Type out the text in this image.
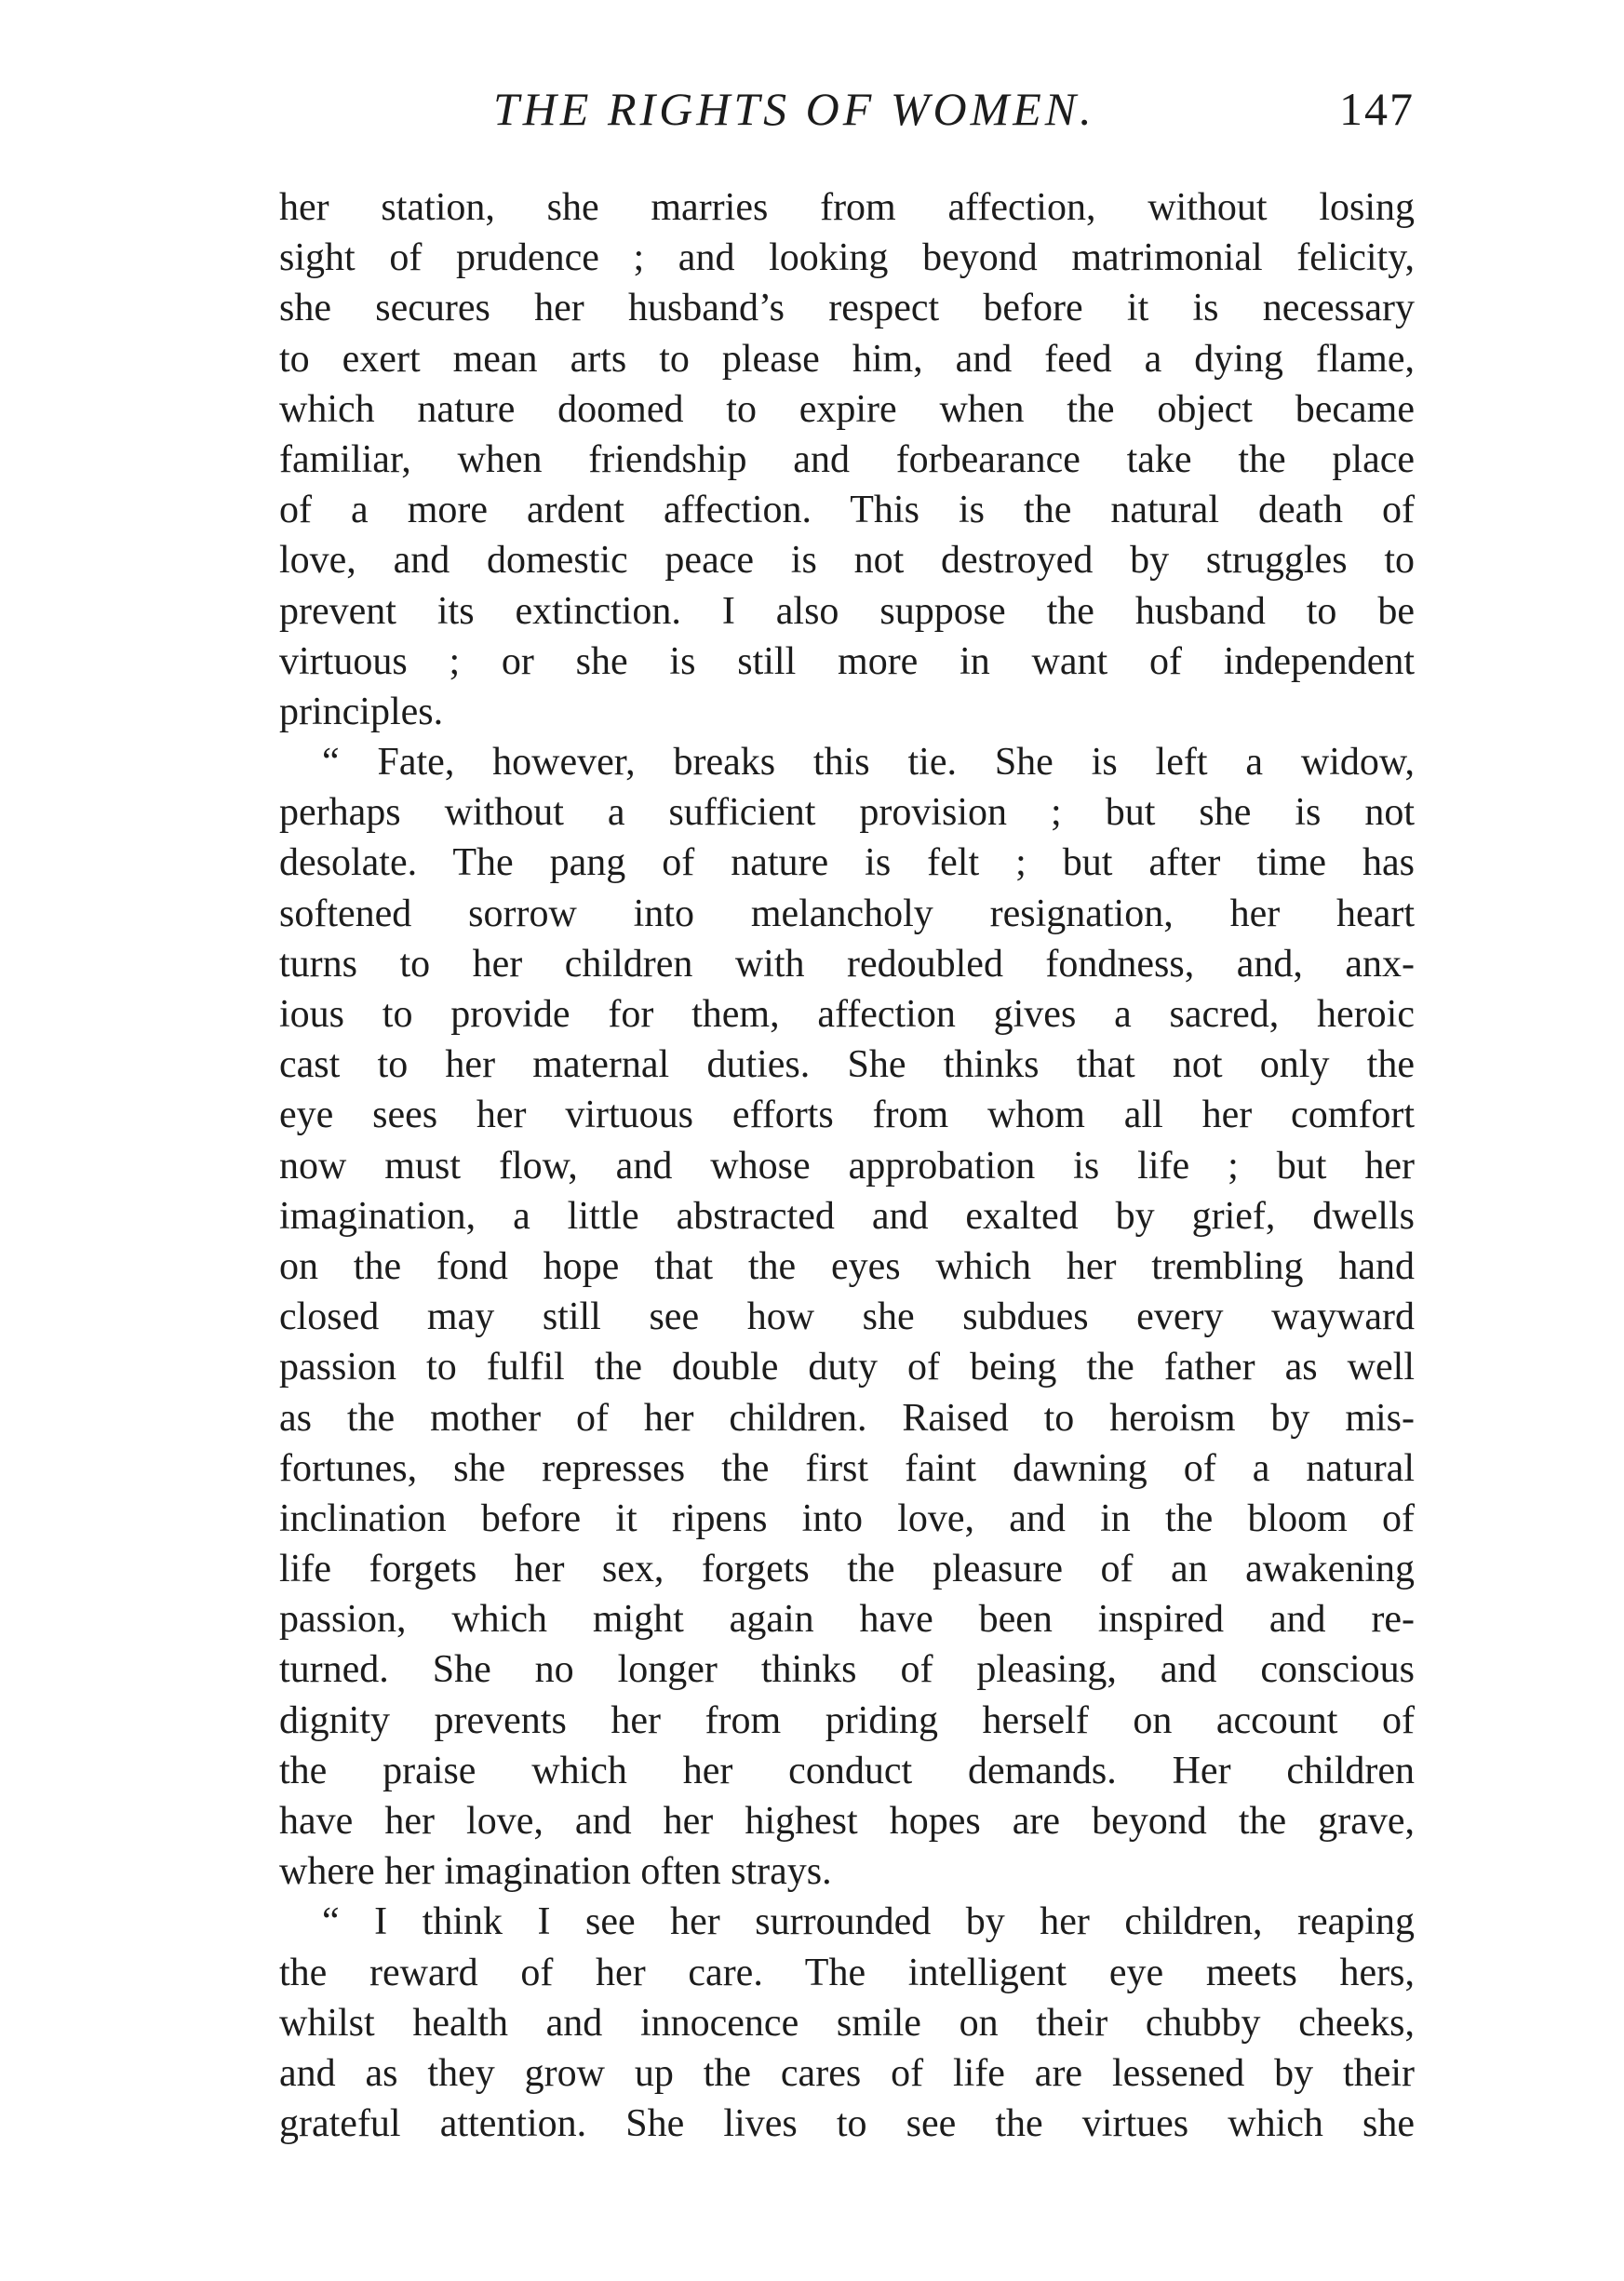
THE RIGHTS OF WOMEN.	147
her station, she marries from affection, without losing
sight of prudence ; and looking beyond matrimonial felicity,
she secures her husband’s respect before it is necessary
to exert mean arts to please him, and feed a dying flame,
which nature doomed to expire when the object became
familiar, when friendship and forbearance take the place
of a more ardent affection. This is the natural death of
love, and domestic peace is not destroyed by struggles to
prevent its extinction. I also suppose the husband to be
virtuous ; or she is still more in want of independent
principles.
“ Fate, however, breaks this tie. She is left a widow,
perhaps without a sufficient provision ; but she is not
desolate. The pang of nature is felt ; but after time has
softened sorrow into melancholy resignation, her heart
turns to her children with redoubled fondness, and, anx-
ious to provide for them, affection gives a sacred, heroic
cast to her maternal duties. She thinks that not only the
eye sees her virtuous efforts from whom all her comfort
now must flow, and whose approbation is life ; but her
imagination, a little abstracted and exalted by grief, dwells
on the fond hope that the eyes which her trembling hand
closed may still see how she subdues every wayward
passion to fulfil the double duty of being the father as well
as the mother of her children. Raised to heroism by mis-
fortunes, she represses the first faint dawning of a natural
inclination before it ripens into love, and in the bloom of
life forgets her sex, forgets the pleasure of an awakening
passion, which might again have been inspired and re-
turned. She no longer thinks of pleasing, and conscious
dignity prevents her from priding herself on account of
the praise which her conduct demands. Her children
have her love, and her highest hopes are beyond the grave,
where her imagination often strays.
“ I think I see her surrounded by her children, reaping
the reward of her care. The intelligent eye meets hers,
whilst health and innocence smile on their chubby cheeks,
and as they grow up the cares of life are lessened by their
grateful attention. She lives to see the virtues which she
